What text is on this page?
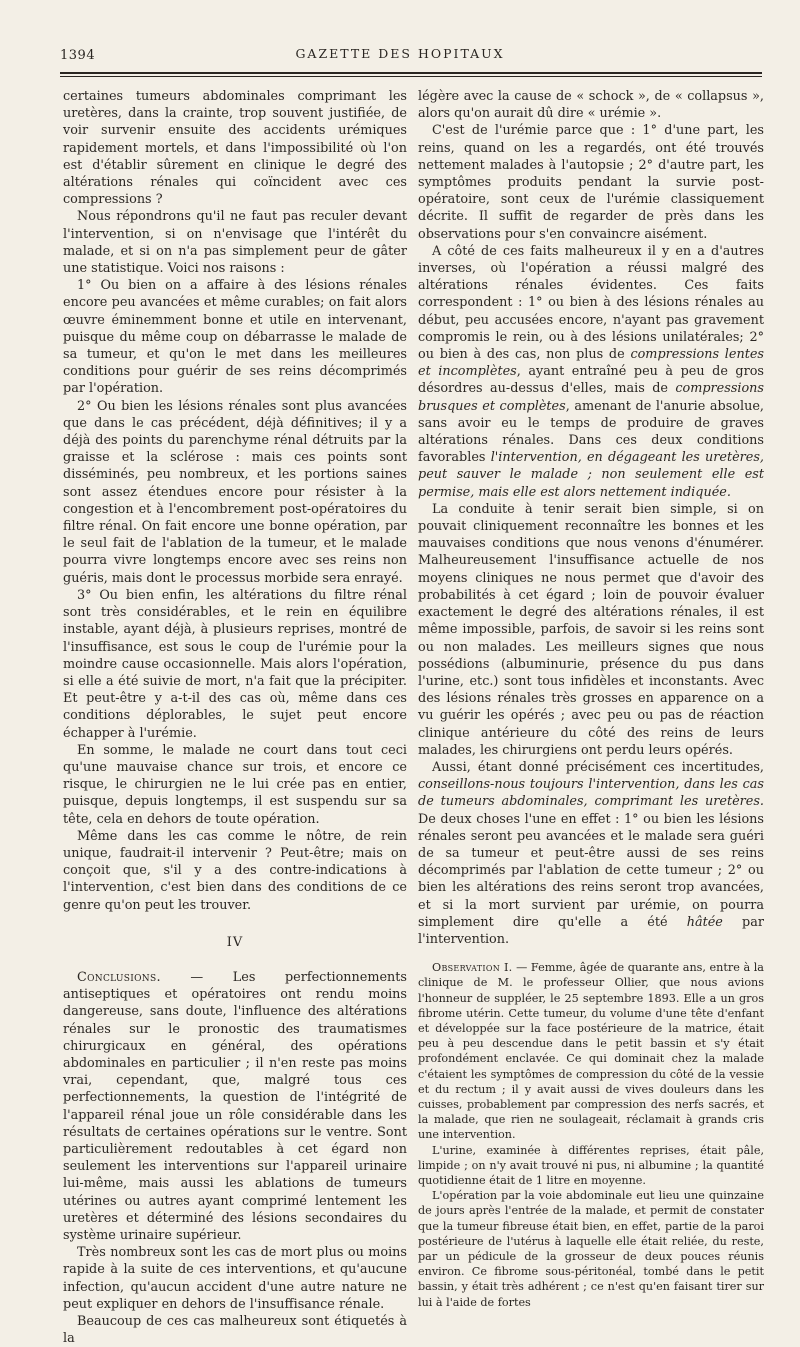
1394	GAZETTE DES HOPITAUX

certaines tumeurs abdominales comprimant les uretères, dans la crainte, trop souvent justifiée, de voir survenir ensuite des accidents urémiques rapidement mortels, et dans l'impossibilité où l'on est d'établir sûrement en clinique le degré des altérations rénales qui coïncident avec ces compressions ?

Nous répondrons qu'il ne faut pas reculer devant l'intervention, si on n'envisage que l'intérêt du malade, et si on n'a pas simplement peur de gâter une statistique. Voici nos raisons :

1° Ou bien on a affaire à des lésions rénales encore peu avancées et même curables; on fait alors œuvre éminemment bonne et utile en intervenant, puisque du même coup on débarrasse le malade de sa tumeur, et qu'on le met dans les meilleures conditions pour guérir de ses reins décomprimés par l'opération.

2° Ou bien les lésions rénales sont plus avancées que dans le cas précédent, déjà définitives; il y a déjà des points du parenchyme rénal détruits par la graisse et la sclérose : mais ces points sont disséminés, peu nombreux, et les portions saines sont assez étendues encore pour résister à la congestion et à l'encombrement post-opératoires du filtre rénal. On fait encore une bonne opération, par le seul fait de l'ablation de la tumeur, et le malade pourra vivre longtemps encore avec ses reins non guéris, mais dont le processus morbide sera enrayé.

3° Ou bien enfin, les altérations du filtre rénal sont très considérables, et le rein en équilibre instable, ayant déjà, à plusieurs reprises, montré de l'insuffisance, est sous le coup de l'urémie pour la moindre cause occasionnelle. Mais alors l'opération, si elle a été suivie de mort, n'a fait que la précipiter. Et peut-être y a-t-il des cas où, même dans ces conditions déplorables, le sujet peut encore échapper à l'urémie.

En somme, le malade ne court dans tout ceci qu'une mauvaise chance sur trois, et encore ce risque, le chirurgien ne le lui crée pas en entier, puisque, depuis longtemps, il est suspendu sur sa tête, cela en dehors de toute opération.

Même dans les cas comme le nôtre, de rein unique, faudrait-il intervenir ? Peut-être; mais on conçoit que, s'il y a des contre-indications à l'intervention, c'est bien dans des conditions de ce genre qu'on peut les trouver.

IV

Conclusions. — Les perfectionnements antiseptiques et opératoires ont rendu moins dangereuse, sans doute, l'influence des altérations rénales sur le pronostic des traumatismes chirurgicaux en général, des opérations abdominales en particulier ; il n'en reste pas moins vrai, cependant, que, malgré tous ces perfectionnements, la question de l'intégrité de l'appareil rénal joue un rôle considérable dans les résultats de certaines opérations sur le ventre. Sont particulièrement redoutables à cet égard non seulement les interventions sur l'appareil urinaire lui-même, mais aussi les ablations de tumeurs utérines ou autres ayant comprimé lentement les uretères et déterminé des lésions secondaires du système urinaire supérieur.

Très nombreux sont les cas de mort plus ou moins rapide à la suite de ces interventions, et qu'aucune infection, qu'aucun accident d'une autre nature ne peut expliquer en dehors de l'insuffisance rénale.

Beaucoup de ces cas malheureux sont étiquetés à la

légère avec la cause de « schock », de « collapsus », alors qu'on aurait dû dire « urémie ».

C'est de l'urémie parce que : 1° d'une part, les reins, quand on les a regardés, ont été trouvés nettement malades à l'autopsie ; 2° d'autre part, les symptômes produits pendant la survie post-opératoire, sont ceux de l'urémie classiquement décrite. Il suffit de regarder de près dans les observations pour s'en convaincre aisément.

A côté de ces faits malheureux il y en a d'autres inverses, où l'opération a réussi malgré des altérations rénales évidentes. Ces faits correspondent : 1° ou bien à des lésions rénales au début, peu accusées encore, n'ayant pas gravement compromis le rein, ou à des lésions unilatérales; 2° ou bien à des cas, non plus de compressions lentes et incomplètes, ayant entraîné peu à peu de gros désordres au-dessus d'elles, mais de compressions brusques et complètes, amenant de l'anurie absolue, sans avoir eu le temps de produire de graves altérations rénales. Dans ces deux conditions favorables l'intervention, en dégageant les uretères, peut sauver le malade ; non seulement elle est permise, mais elle est alors nettement indiquée.

La conduite à tenir serait bien simple, si on pouvait cliniquement reconnaître les bonnes et les mauvaises conditions que nous venons d'énumérer. Malheureusement l'insuffisance actuelle de nos moyens cliniques ne nous permet que d'avoir des probabilités à cet égard ; loin de pouvoir évaluer exactement le degré des altérations rénales, il est même impossible, parfois, de savoir si les reins sont ou non malades. Les meilleurs signes que nous possédions (albuminurie, présence du pus dans l'urine, etc.) sont tous infidèles et inconstants. Avec des lésions rénales très grosses en apparence on a vu guérir les opérés ; avec peu ou pas de réaction clinique antérieure du côté des reins de leurs malades, les chirurgiens ont perdu leurs opérés.

Aussi, étant donné précisément ces incertitudes, conseillons-nous toujours l'intervention, dans les cas de tumeurs abdominales, comprimant les uretères. De deux choses l'une en effet : 1° ou bien les lésions rénales seront peu avancées et le malade sera guéri de sa tumeur et peut-être aussi de ses reins décomprimés par l'ablation de cette tumeur ; 2° ou bien les altérations des reins seront trop avancées, et si la mort survient par urémie, on pourra simplement dire qu'elle a été hâtée par l'intervention.

Observation I. — Femme, âgée de quarante ans, entre à la clinique de M. le professeur Ollier, que nous avions l'honneur de suppléer, le 25 septembre 1893. Elle a un gros fibrome utérin. Cette tumeur, du volume d'une tête d'enfant et développée sur la face postérieure de la matrice, était peu à peu descendue dans le petit bassin et s'y était profondément enclavée. Ce qui dominait chez la malade c'étaient les symptômes de compression du côté de la vessie et du rectum ; il y avait aussi de vives douleurs dans les cuisses, probablement par compression des nerfs sacrés, et la malade, que rien ne soulageait, réclamait à grands cris une intervention.

L'urine, examinée à différentes reprises, était pâle, limpide ; on n'y avait trouvé ni pus, ni albumine ; la quantité quotidienne était de 1 litre en moyenne.

L'opération par la voie abdominale eut lieu une quinzaine de jours après l'entrée de la malade, et permit de constater que la tumeur fibreuse était bien, en effet, partie de la paroi postérieure de l'utérus à laquelle elle était reliée, du reste, par un pédicule de la grosseur de deux pouces réunis environ. Ce fibrome sous-péritonéal, tombé dans le petit bassin, y était très adhérent ; ce n'est qu'en faisant tirer sur lui à l'aide de fortes
